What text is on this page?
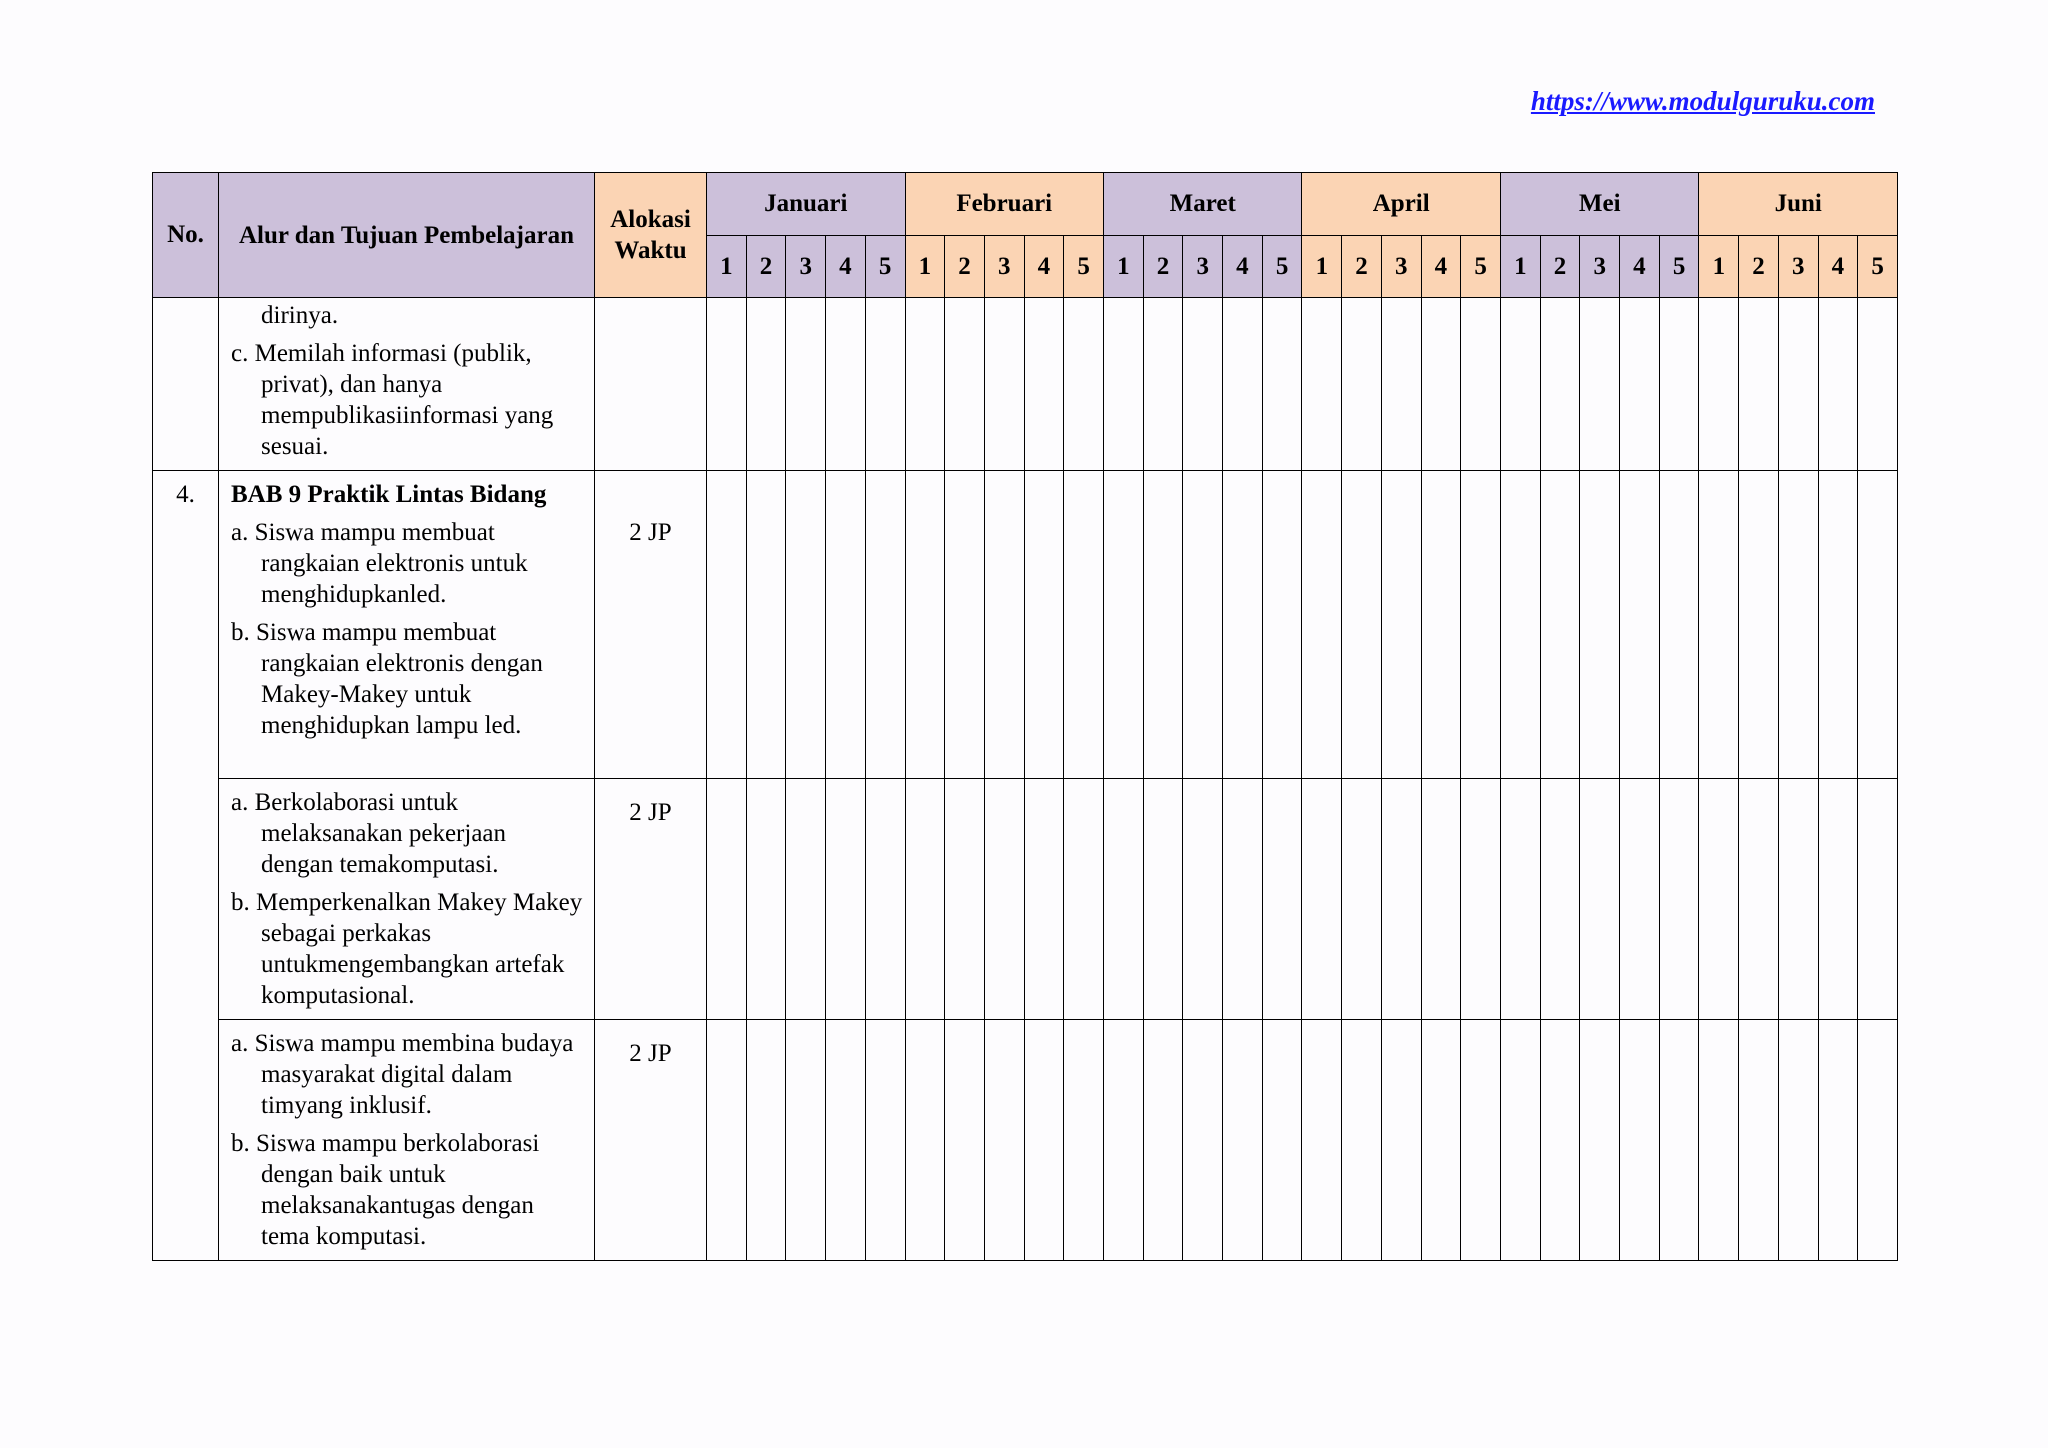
https://www.modulguruku.com
No.	Alur dan Tujuan Pembelajaran	Alokasi Waktu	Januari					Februari					Maret					April					Mei					Juni				
			1	2	3	4	5	1	2	3	4	5	1	2	3	4	5	1	2	3	4	5	1	2	3	4	5	1	2	3	4	5

	dirinya.
c. Memilah informasi (publik, privat), dan hanya mempublikasiinformasi yang sesuai.																															

4.	BAB 9 Praktik Lintas Bidang
a. Siswa mampu membuat rangkaian elektronis untuk menghidupkanled.
b. Siswa mampu membuat rangkaian elektronis dengan Makey-Makey untuk menghidupkan lampu led.	2 JP																														

	a. Berkolaborasi untuk melaksanakan pekerjaan dengan temakomputasi.
b. Memperkenalkan Makey Makey sebagai perkakas untukmengembangkan artefak komputasional.	2 JP																														

	a. Siswa mampu membina budaya masyarakat digital dalam timyang inklusif.
b. Siswa mampu berkolaborasi dengan baik untuk melaksanakantugas dengan tema komputasi.	2 JP																														
